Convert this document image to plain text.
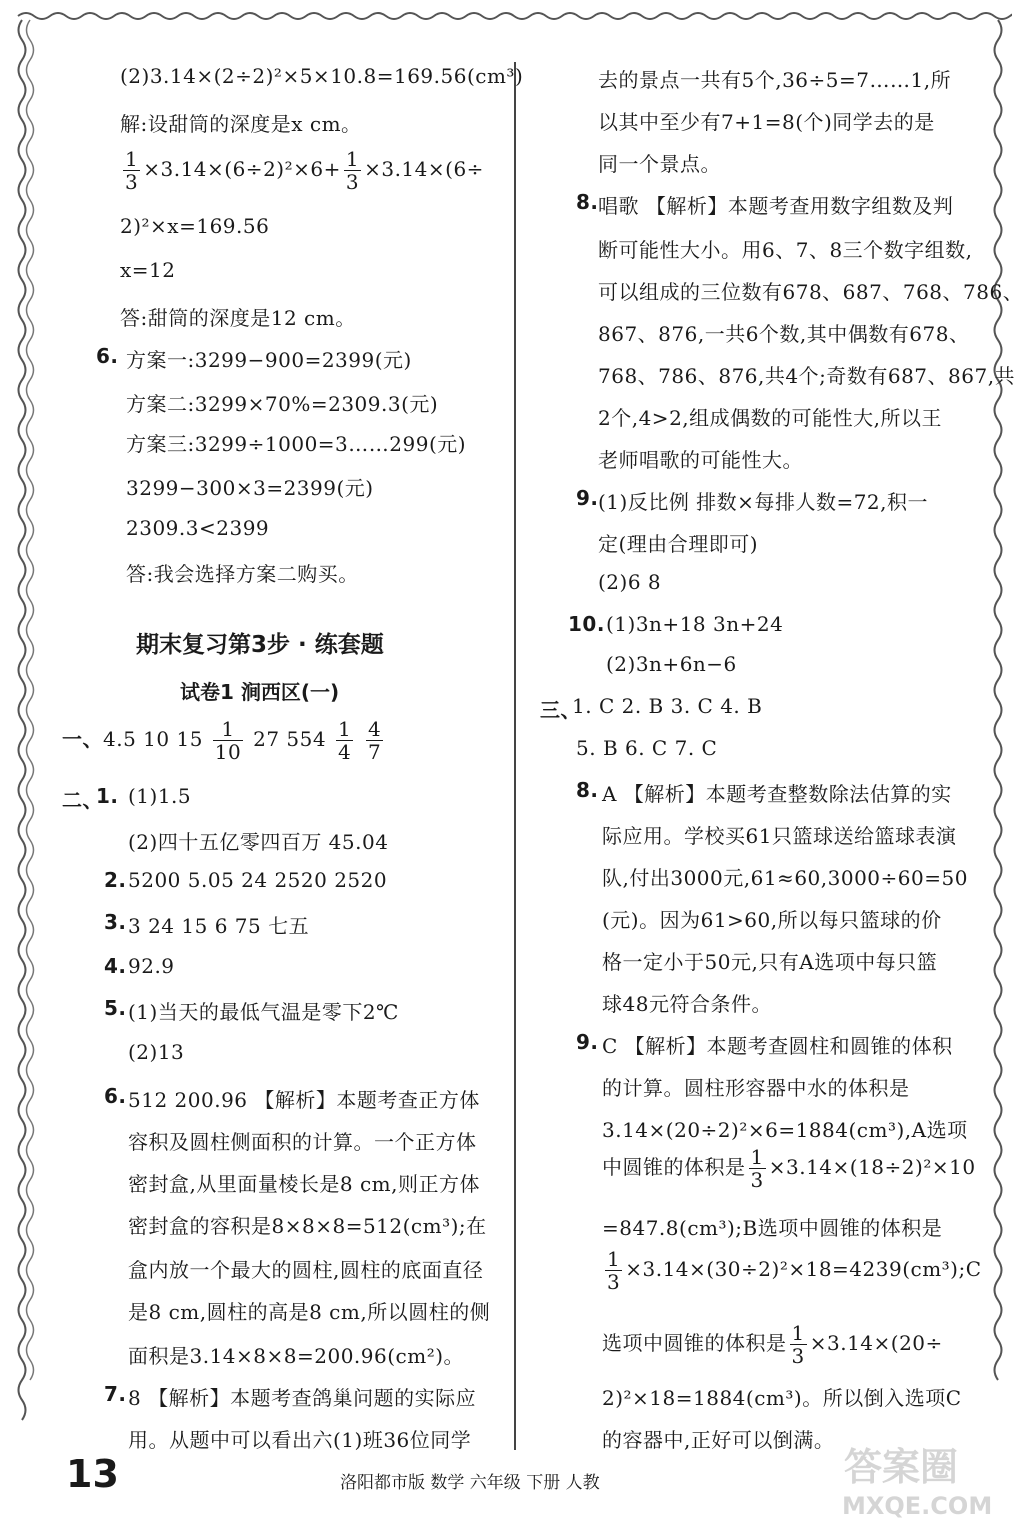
(2)3.14×(2÷2)²×5×10.8=169.56(cm³)
解:设甜筒的深度是x cm。
$\frac{1}{3} \times 3.14\times(6\div 2)^2\times 6+ \frac{1}{3} \times 3.14\times(6\div$
2)²×x=169.56
x=12
答:甜筒的深度是12 cm。
6. 方案一:3299−900=2399(元)
方案二:3299×70%=2309.3(元)
方案三:3299÷1000=3……299(元)
3299−300×3=2399(元)
2309.3<2399
答:我会选择方案二购买。
期末复习第3步 · 练套题
试卷1 涧西区(一)
一、4.5 10 $15 \frac{1}{10} 27$ $554 \frac{1}{4}$
$\frac{4}{7}$
二、
1. (1)1.5
(2)四十五亿零四百万 45.04
2. 5200 5.05 24 2520 2520
3. 3 24 15 6 75 七五
4. 92.9
5. (1)当天的最低气温是零下2℃
(2)13
6. 512 200.96 【解析】本题考查正方体
容积及圆柱侧面积的计算。一个正方体
密封盒,从里面量棱长是8 cm,则正方体
密封盒的容积是8×8×8=512(cm³);在
盒内放一个最大的圆柱,圆柱的底面直径
是8 cm,圆柱的高是8 cm,所以圆柱的侧
面积是3.14×8×8=200.96(cm²)。
7. 8 【解析】本题考查鸽巢问题的实际应
用。从题中可以看出六(1)班36位同学
去的景点一共有5个,36÷5=7……1,所
以其中至少有7+1=8(个)同学去的是
同一个景点。
8. 唱歌 【解析】本题考查用数字组数及判
断可能性大小。用6、7、8三个数字组数,
可以组成的三位数有678、687、768、786、
867、876,一共6个数,其中偶数有678、
768、786、876,共4个;奇数有687、867,共
2个,4>2,组成偶数的可能性大,所以王
老师唱歌的可能性大。
9. (1)反比例 排数×每排人数=72,积一
定(理由合理即可)
(2)6 8
10. (1)3n+18 3n+24
(2)3n+6n−6
三、
1. C 2. B 3. C 4. B
5. B 6. C 7. C
8. A 【解析】本题考查整数除法估算的实
际应用。学校买61只篮球送给篮球表演
队,付出3000元,61≈60,3000÷60=50
(元)。因为61>60,所以每只篮球的价
格一定小于50元,只有A选项中每只篮
球48元符合条件。
9. C 【解析】本题考查圆柱和圆锥的体积
的计算。圆柱形容器中水的体积是
3.14×(20÷2)²×6=1884(cm³),A选项
中圆锥的体积是 $\frac{1}{3} \times 3.14\times(18\div 2)^2\times 10$
=847.8(cm³);B选项中圆锥的体积是
$\frac{1}{3}$ ×3.14×(30÷2)²×18=4239(cm³);C
选项中圆锥的体积是 $\frac{1}{3} \times 3.14\times(20\div$
2)²×18=1884(cm³)。所以倒入选项C
的容器中,正好可以倒满。
13	洛阳都市版 数学 六年级 下册 人教	答案圈
MXQE.COM
